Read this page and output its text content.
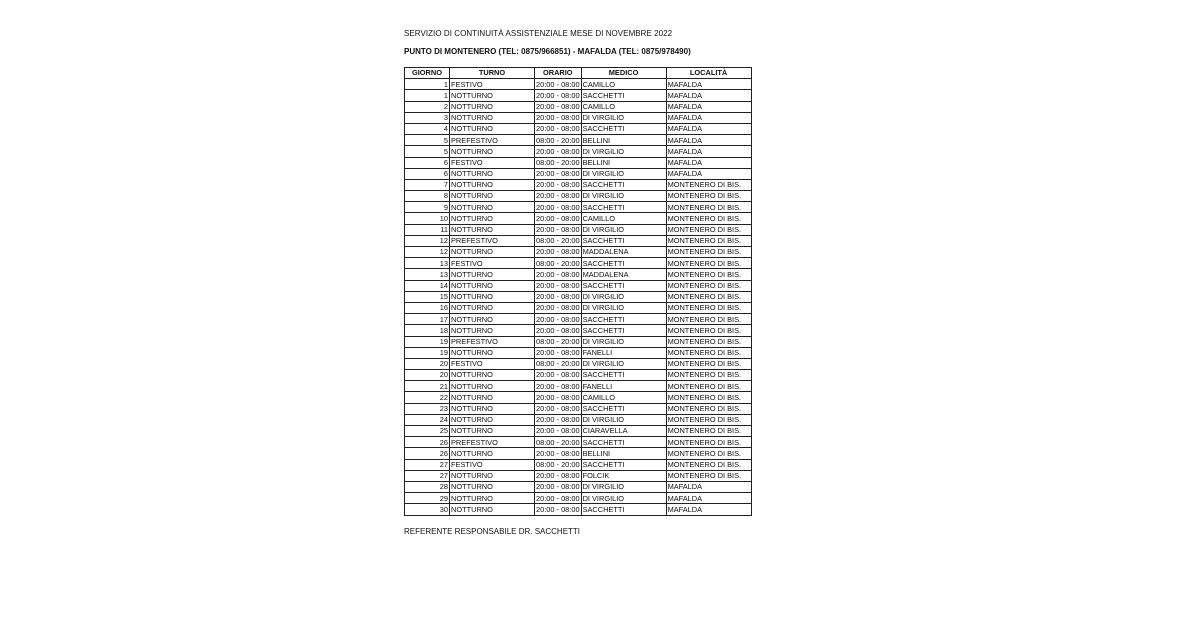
SERVIZIO DI CONTINUITÀ ASSISTENZIALE MESE DI NOVEMBRE 2022
PUNTO DI MONTENERO (TEL: 0875/966851) - MAFALDA (TEL: 0875/978490)
GIORNO	TURNO	ORARIO	MEDICO	LOCALITÀ
1	FESTIVO	20:00 - 08:00	CAMILLO	MAFALDA
1	NOTTURNO	20:00 - 08:00	SACCHETTI	MAFALDA
2	NOTTURNO	20:00 - 08:00	CAMILLO	MAFALDA
3	NOTTURNO	20:00 - 08:00	DI VIRGILIO	MAFALDA
4	NOTTURNO	20:00 - 08:00	SACCHETTI	MAFALDA
5	PREFESTIVO	08:00 - 20:00	BELLINI	MAFALDA
5	NOTTURNO	20:00 - 08:00	DI VIRGILIO	MAFALDA
6	FESTIVO	08:00 - 20:00	BELLINI	MAFALDA
6	NOTTURNO	20:00 - 08:00	DI VIRGILIO	MAFALDA
7	NOTTURNO	20:00 - 08:00	SACCHETTI	MONTENERO DI BIS.
8	NOTTURNO	20:00 - 08:00	DI VIRGILIO	MONTENERO DI BIS.
9	NOTTURNO	20:00 - 08:00	SACCHETTI	MONTENERO DI BIS.
10	NOTTURNO	20:00 - 08:00	CAMILLO	MONTENERO DI BIS.
11	NOTTURNO	20:00 - 08:00	DI VIRGILIO	MONTENERO DI BIS.
12	PREFESTIVO	08:00 - 20:00	SACCHETTI	MONTENERO DI BIS.
12	NOTTURNO	20:00 - 08:00	MADDALENA	MONTENERO DI BIS.
13	FESTIVO	08:00 - 20:00	SACCHETTI	MONTENERO DI BIS.
13	NOTTURNO	20:00 - 08:00	MADDALENA	MONTENERO DI BIS.
14	NOTTURNO	20:00 - 08:00	SACCHETTI	MONTENERO DI BIS.
15	NOTTURNO	20:00 - 08:00	DI VIRGILIO	MONTENERO DI BIS.
16	NOTTURNO	20:00 - 08:00	DI VIRGILIO	MONTENERO DI BIS.
17	NOTTURNO	20:00 - 08:00	SACCHETTI	MONTENERO DI BIS.
18	NOTTURNO	20:00 - 08:00	SACCHETTI	MONTENERO DI BIS.
19	PREFESTIVO	08:00 - 20:00	DI VIRGILIO	MONTENERO DI BIS.
19	NOTTURNO	20:00 - 08:00	FANELLI	MONTENERO DI BIS.
20	FESTIVO	08:00 - 20:00	DI VIRGILIO	MONTENERO DI BIS.
20	NOTTURNO	20:00 - 08:00	SACCHETTI	MONTENERO DI BIS.
21	NOTTURNO	20:00 - 08:00	FANELLI	MONTENERO DI BIS.
22	NOTTURNO	20:00 - 08:00	CAMILLO	MONTENERO DI BIS.
23	NOTTURNO	20:00 - 08:00	SACCHETTI	MONTENERO DI BIS.
24	NOTTURNO	20:00 - 08:00	DI VIRGILIO	MONTENERO DI BIS.
25	NOTTURNO	20:00 - 08:00	CIARAVELLA	MONTENERO DI BIS.
26	PREFESTIVO	08:00 - 20:00	SACCHETTI	MONTENERO DI BIS.
26	NOTTURNO	20:00 - 08:00	BELLINI	MONTENERO DI BIS.
27	FESTIVO	08:00 - 20:00	SACCHETTI	MONTENERO DI BIS.
27	NOTTURNO	20:00 - 08:00	FOLCIK	MONTENERO DI BIS.
28	NOTTURNO	20:00 - 08:00	DI VIRGILIO	MAFALDA
29	NOTTURNO	20:00 - 08:00	DI VIRGILIO	MAFALDA
30	NOTTURNO	20:00 - 08:00	SACCHETTI	MAFALDA
REFERENTE RESPONSABILE DR. SACCHETTI
